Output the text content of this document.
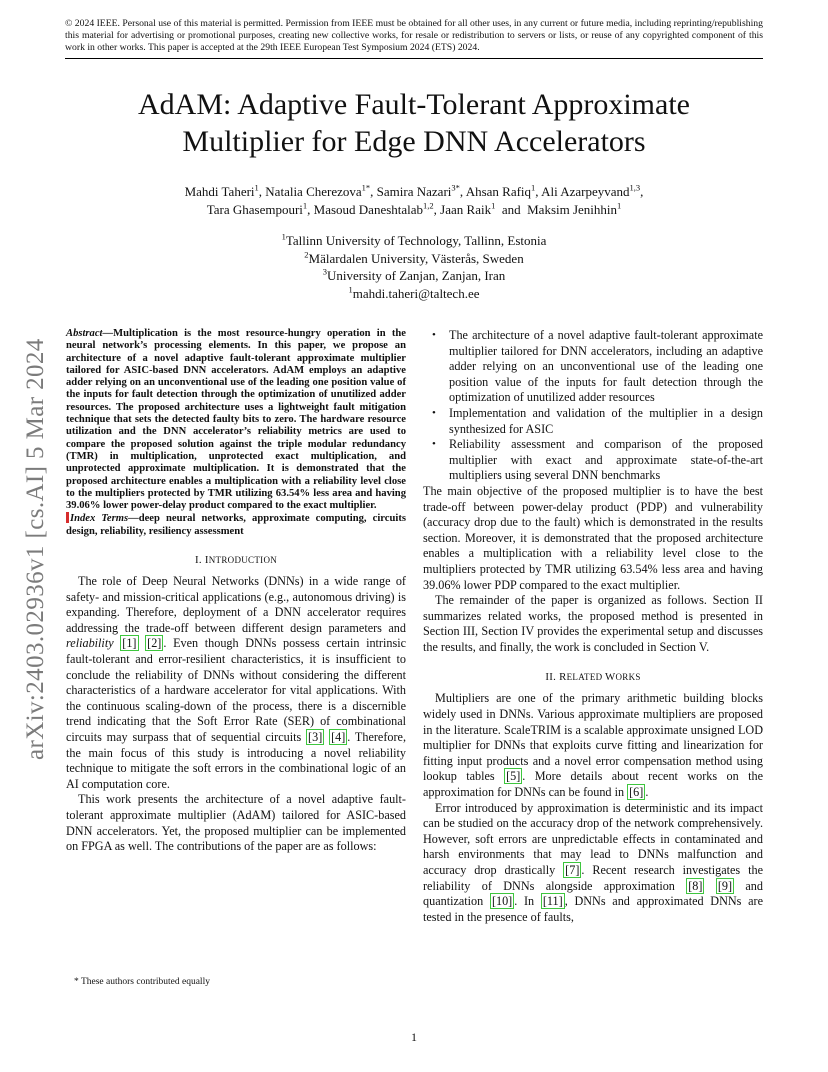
© 2024 IEEE. Personal use of this material is permitted. Permission from IEEE must be obtained for all other uses, in any current or future media, including reprinting/republishing this material for advertising or promotional purposes, creating new collective works, for resale or redistribution to servers or lists, or reuse of any copyrighted component of this work in other works. This paper is accepted at the 29th IEEE European Test Symposium 2024 (ETS) 2024.
arXiv:2403.02936v1 [cs.AI] 5 Mar 2024
AdAM: Adaptive Fault-Tolerant Approximate
Multiplier for Edge DNN Accelerators
Mahdi Taheri$^1$, Natalia Cherezova$^{1*}$, Samira Nazari$^{3*}$, Ahsan Rafiq$^1$, Ali Azarpeyvand$^{1,3}$,
Tara Ghasempouri$^1$, Masoud Daneshtalab$^{1,2}$, Jaan Raik$^1$  and  Maksim Jenihhin$^1$
$^1$Tallinn University of Technology, Tallinn, Estonia
$^2$Mälardalen University, Västerås, Sweden
$^3$University of Zanjan, Zanjan, Iran
$^1$mahdi.taheri@taltech.ee

Abstract—Multiplication is the most resource-hungry operation in the neural network’s processing elements. In this paper, we propose an architecture of a novel adaptive fault-tolerant approximate multiplier tailored for ASIC-based DNN accelerators. AdAM employs an adaptive adder relying on an unconventional use of the leading one position value of the inputs for fault detection through the optimization of unutilized adder resources. The proposed architecture uses a lightweight fault mitigation technique that sets the detected faulty bits to zero. The hardware resource utilization and the DNN accelerator’s reliability metrics are used to compare the proposed solution against the triple modular redundancy (TMR) in multiplication, unprotected exact multiplication, and unprotected approximate multiplication. It is demonstrated that the proposed architecture enables a multiplication with a reliability level close to the multipliers protected by TMR utilizing 63.54% less area and having 39.06% lower power-delay product compared to the exact multiplier.

Index Terms—deep neural networks, approximate computing, circuits design, reliability, resiliency assessment

I. INTRODUCTION

The role of Deep Neural Networks (DNNs) in a wide range of safety- and mission-critical applications (e.g., autonomous driving) is expanding. Therefore, deployment of a DNN accelerator requires addressing the trade-off between different design parameters and reliability [1] [2] . Even though DNNs possess certain intrinsic fault-tolerant and error-resilient characteristics, it is insufficient to conclude the reliability of DNNs without considering the different characteristics of a hardware accelerator for vital applications. With the continuous scaling-down of the process, there is a discernible trend indicating that the Soft Error Rate (SER) of combinational circuits may surpass that of sequential circuits [3] [4] . Therefore, the main focus of this study is introducing a novel reliability technique to mitigate the soft errors in the combinational logic of an AI computation core.

This work presents the architecture of a novel adaptive fault-tolerant approximate multiplier (AdAM) tailored for ASIC-based DNN accelerators. Yet, the proposed multiplier can be implemented on FPGA as well. The contributions of the paper are as follows:

• The architecture of a novel adaptive fault-tolerant approximate multiplier tailored for DNN accelerators, including an adaptive adder relying on an unconventional use of the leading one position value of the inputs for fault detection through the optimization of unutilized adder resources
• Implementation and validation of the multiplier in a design synthesized for ASIC
• Reliability assessment and comparison of the proposed multiplier with exact and approximate state-of-the-art multipliers using several DNN benchmarks

The main objective of the proposed multiplier is to have the best trade-off between power-delay product (PDP) and vulnerability (accuracy drop due to the fault) which is demonstrated in the results section. Moreover, it is demonstrated that the proposed architecture enables a multiplication with a reliability level close to the multipliers protected by TMR utilizing 63.54% less area and having 39.06% lower PDP compared to the exact multiplier.

The remainder of the paper is organized as follows. Section II summarizes related works, the proposed method is presented in Section III, Section IV provides the experimental setup and discusses the results, and finally, the work is concluded in Section V.

II. RELATED WORKS

Multipliers are one of the primary arithmetic building blocks widely used in DNNs. Various approximate multipliers are proposed in the literature. ScaleTRIM is a scalable approximate unsigned LOD multiplier for DNNs that exploits curve fitting and linearization for fitting input products and a novel error compensation method using lookup tables [5] . More details about recent works on the approximation for DNNs can be found in [6] .

Error introduced by approximation is deterministic and its impact can be studied on the accuracy drop of the network comprehensively. However, soft errors are unpredictable effects in contaminated and harsh environments that may lead to DNNs malfunction and accuracy drop drastically [7] . Recent research investigates the reliability of DNNs alongside approximation [8] [9] and quantization [10] . In [11] , DNNs and approximated DNNs are tested in the presence of faults,

* These authors contributed equally
1
